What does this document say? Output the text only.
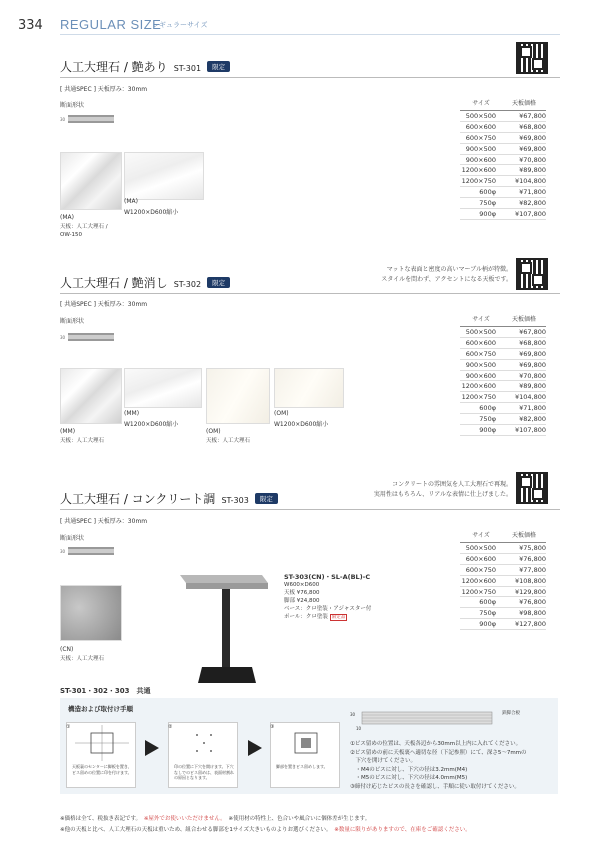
334 REGULAR SIZE
レギュラーサイズ
人工大理石 / 艶あり ST-301 限定
[ 共通SPEC ] 天板厚み：30mm
断面形状
30
(MA)
天板：人工大理石 / OW-150
(MA)
W1200×D600縮小
サイズ	天板価格
500×500	¥67,800
600×600	¥68,800
600×750	¥69,800
900×500	¥69,800
900×600	¥70,800
1200×600	¥89,800
1200×750	¥104,800
600φ	¥71,800
750φ	¥82,800
900φ	¥107,800
マットな表面と密度の高いマーブル柄が特徴。
スタイルを問わず、アクセントになる天板です。
人工大理石 / 艶消し ST-302 限定
[ 共通SPEC ] 天板厚み：30mm
断面形状
30
(MM)
天板：人工大理石
(MM)
W1200×D600縮小
(OM)
天板：人工大理石
(OM)
W1200×D600縮小
サイズ	天板価格
500×500	¥67,800
600×600	¥68,800
600×750	¥69,800
900×500	¥69,800
900×600	¥70,800
1200×600	¥89,800
1200×750	¥104,800
600φ	¥71,800
750φ	¥82,800
900φ	¥107,800
コンクリートの雰囲気を人工大理石で再現。
実用性はもちろん、リアルな表情に仕上げました。
人工大理石 / コンクリート調 ST-303 限定
[ 共通SPEC ] 天板厚み：30mm
断面形状
30
(CN)
天板：人工大理石
ST-303(CN)・SL-A(BL)-C
W600×D600
天板 ¥76,800
脚部 ¥24,800
ベース：クロ塗装・アジャスター付
ポール：クロ塗装 限定品
サイズ	天板価格
500×500	¥75,800
600×600	¥76,800
600×750	¥77,800
1200×600	¥108,800
1200×750	¥129,800
600φ	¥76,800
750φ	¥98,800
900φ	¥127,800
ST-301・302・303　共通
構造および取付け手順
①
天板裏のセンターに脚板を置き、ビス留めの位置に印を付けます。
②
印の位置に下穴を開けます。下穴なしでのビス留めは、表面材割れの原因となります。
③
脚部を置きビス留めします。
30
10
鉄脚合板
①ビス留めの位置は、天板各辺から30mm以上内に入れてください。
②ビス留めの前に天板裏へ適切な径（下記参照）にて、深さ5〜7mmの
　下穴を開けてください。
　・M4のビスに対し、下穴の径は3.2mm(M4)
　・M5のビスに対し、下穴の径は4.0mm(M5)
③締付け応じたビスの長さを確認し、手順に従い取付けてください。
※価格は全て、税抜き表記です。　 ※屋外でお使いいただけません。　 ※使用材の特性上、色合いや風合いに個体差が生じます。
※他の天板と比べ、人工大理石の天板は重いため、組合わせる脚部を1サイズ大きいものよりお選びください。　 ※数量に限りがありますので、在庫をご確認ください。
